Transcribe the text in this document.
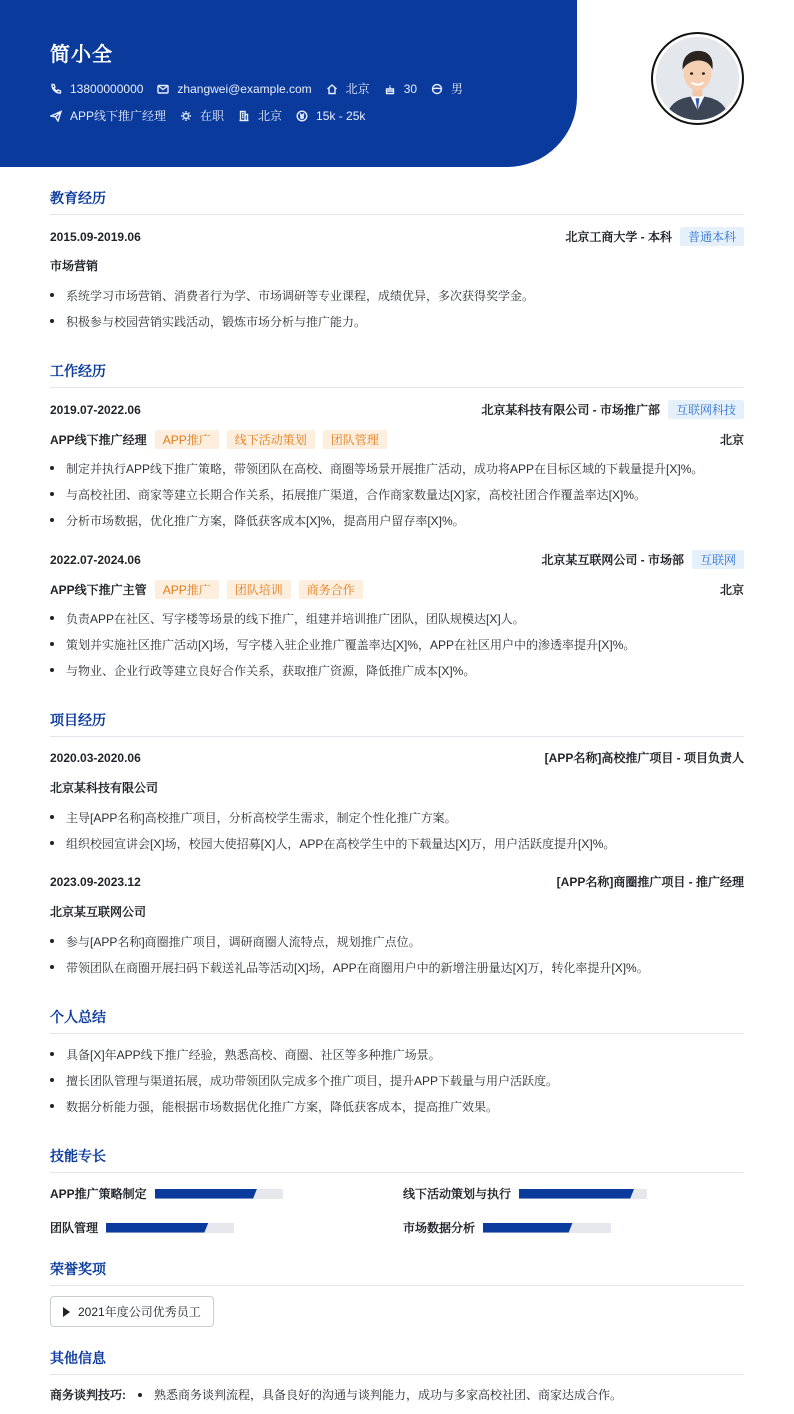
简小全
13800000000	zhangwei@example.com	北京	30	男
APP线下推广经理	在职	北京	15k - 25k
教育经历
2015.09-2019.06	北京工商大学 - 本科	普通本科
市场营销
系统学习市场营销、消费者行为学、市场调研等专业课程，成绩优异，多次获得奖学金。
积极参与校园营销实践活动，锻炼市场分析与推广能力。
工作经历
2019.07-2022.06	北京某科技有限公司 - 市场推广部	互联网科技
APP线下推广经理	APP推广	线下活动策划	团队管理	北京
制定并执行APP线下推广策略，带领团队在高校、商圈等场景开展推广活动，成功将APP在目标区域的下载量提升[X]%。
与高校社团、商家等建立长期合作关系，拓展推广渠道，合作商家数量达[X]家，高校社团合作覆盖率达[X]%。
分析市场数据，优化推广方案，降低获客成本[X]%，提高用户留存率[X]%。
2022.07-2024.06	北京某互联网公司 - 市场部	互联网
APP线下推广主管	APP推广	团队培训	商务合作	北京
负责APP在社区、写字楼等场景的线下推广，组建并培训推广团队，团队规模达[X]人。
策划并实施社区推广活动[X]场，写字楼入驻企业推广覆盖率达[X]%，APP在社区用户中的渗透率提升[X]%。
与物业、企业行政等建立良好合作关系，获取推广资源，降低推广成本[X]%。
项目经历
2020.03-2020.06	[APP名称]高校推广项目 - 项目负责人
北京某科技有限公司
主导[APP名称]高校推广项目，分析高校学生需求，制定个性化推广方案。
组织校园宣讲会[X]场，校园大使招募[X]人，APP在高校学生中的下载量达[X]万，用户活跃度提升[X]%。
2023.09-2023.12	[APP名称]商圈推广项目 - 推广经理
北京某互联网公司
参与[APP名称]商圈推广项目，调研商圈人流特点，规划推广点位。
带领团队在商圈开展扫码下载送礼品等活动[X]场，APP在商圈用户中的新增注册量达[X]万，转化率提升[X]%。
个人总结
具备[X]年APP线下推广经验，熟悉高校、商圈、社区等多种推广场景。
擅长团队管理与渠道拓展，成功带领团队完成多个推广项目，提升APP下载量与用户活跃度。
数据分析能力强，能根据市场数据优化推广方案，降低获客成本，提高推广效果。
技能专长
APP推广策略制定	线下活动策划与执行
团队管理	市场数据分析
荣誉奖项
2021年度公司优秀员工
其他信息
商务谈判技巧: 熟悉商务谈判流程，具备良好的沟通与谈判能力，成功与多家高校社团、商家达成合作。
